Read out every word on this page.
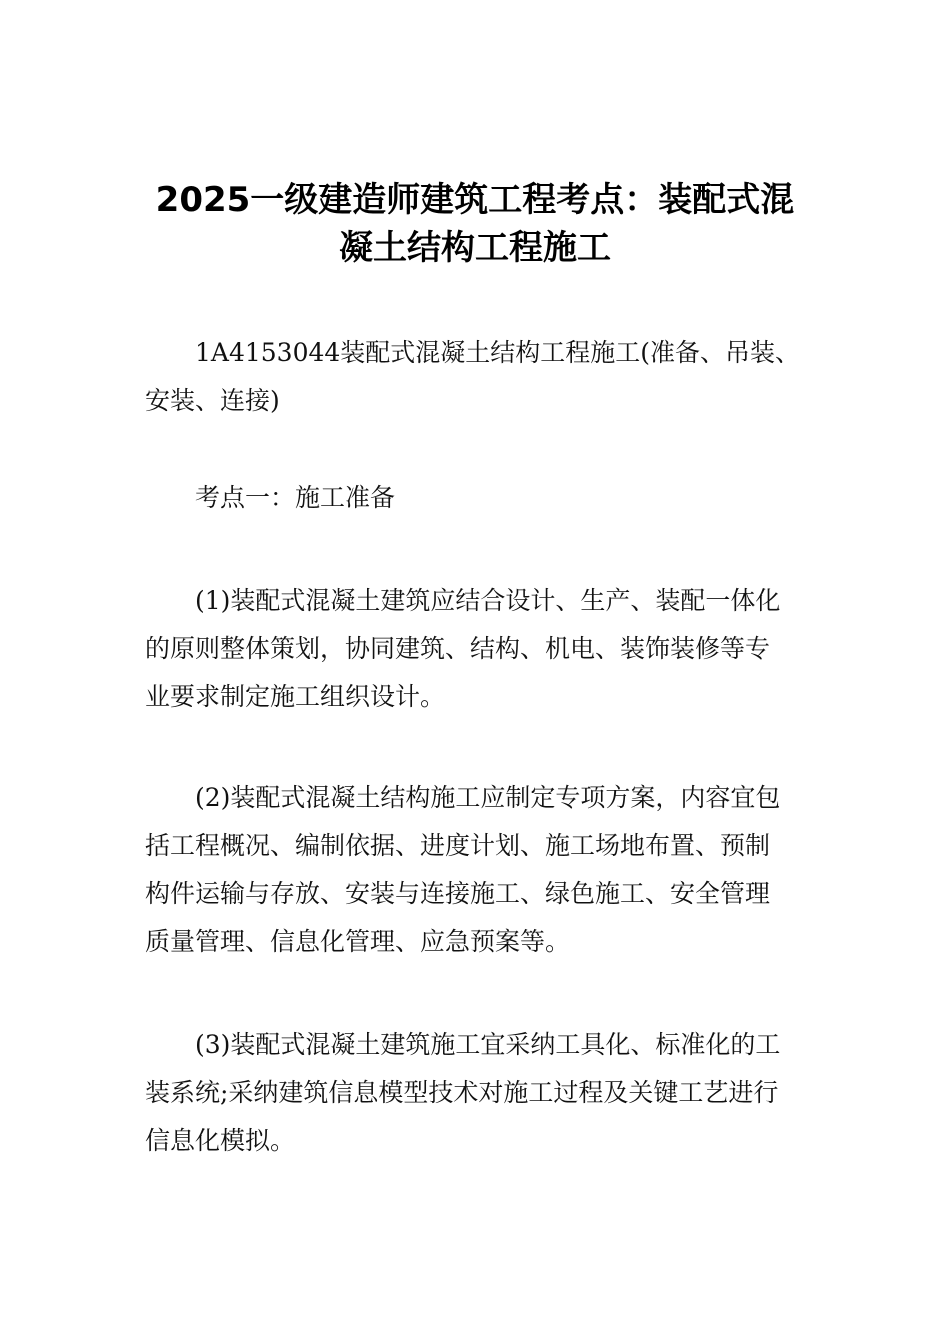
2025一级建造师建筑工程考点：装配式混
凝土结构工程施工
1A4153044装配式混凝土结构工程施工(准备、吊装、
安装、连接)
考点一：施工准备
(1)装配式混凝土建筑应结合设计、生产、装配一体化
的原则整体策划，协同建筑、结构、机电、装饰装修等专
业要求制定施工组织设计。
(2)装配式混凝土结构施工应制定专项方案，内容宜包
括工程概况、编制依据、进度计划、施工场地布置、预制
构件运输与存放、安装与连接施工、绿色施工、安全管理
质量管理、信息化管理、应急预案等。
(3)装配式混凝土建筑施工宜采纳工具化、标准化的工
装系统;采纳建筑信息模型技术对施工过程及关键工艺进行
信息化模拟。
